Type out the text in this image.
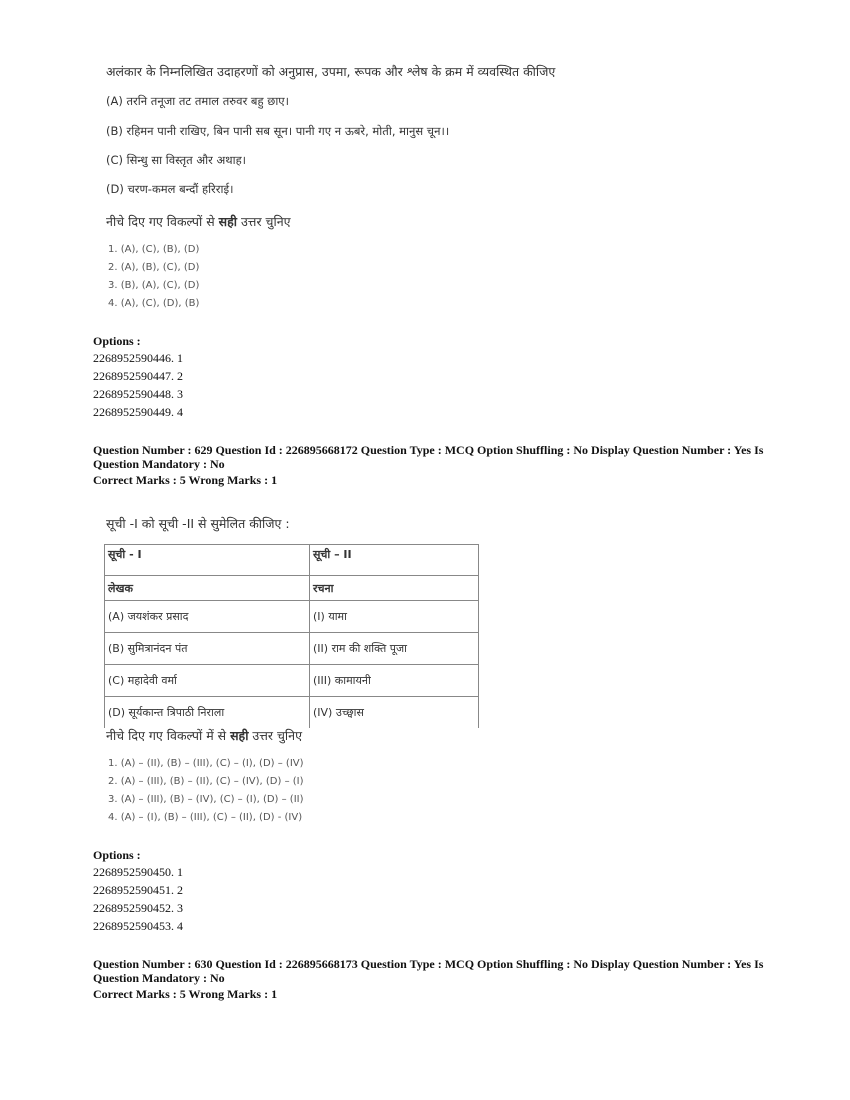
अलंकार के निम्नलिखित उदाहरणों को अनुप्रास, उपमा, रूपक और श्लेष के क्रम में व्यवस्थित कीजिए
(A) तरनि तनूजा तट तमाल तरुवर बहु छाए।
(B) रहिमन पानी राखिए, बिन पानी सब सून। पानी गए न ऊबरे, मोती, मानुस चून।।
(C) सिन्धु सा विस्तृत और अथाह।
(D) चरण-कमल बन्दौं हरिराई।
नीचे दिए गए विकल्पों से सही उत्तर चुनिए
1. (A), (C), (B), (D)
2. (A), (B), (C), (D)
3. (B), (A), (C), (D)
4. (A), (C), (D), (B)
Options :
2268952590446. 1
2268952590447. 2
2268952590448. 3
2268952590449. 4
Question Number : 629 Question Id : 226895668172 Question Type : MCQ Option Shuffling : No Display Question Number : Yes Is
Question Mandatory : No
Correct Marks : 5 Wrong Marks : 1
सूची -I को सूची -II से सुमेलित कीजिए :
सूची - I	सूची – II
लेखक	रचना
(A) जयशंकर प्रसाद	(I) यामा
(B) सुमित्रानंदन पंत	(II) राम की शक्ति पूजा
(C) महादेवी वर्मा	(III) कामायनी
(D) सूर्यकान्त त्रिपाठी निराला	(IV) उच्छ्वास
नीचे दिए गए विकल्पों में से सही उत्तर चुनिए
1. (A) – (II), (B) – (III), (C) – (I), (D) – (IV)
2. (A) – (III), (B) – (II), (C) – (IV), (D) – (I)
3. (A) – (III), (B) – (IV), (C) – (I), (D) – (II)
4. (A) – (I), (B) – (III), (C) – (II), (D) - (IV)
Options :
2268952590450. 1
2268952590451. 2
2268952590452. 3
2268952590453. 4
Question Number : 630 Question Id : 226895668173 Question Type : MCQ Option Shuffling : No Display Question Number : Yes Is
Question Mandatory : No
Correct Marks : 5 Wrong Marks : 1
